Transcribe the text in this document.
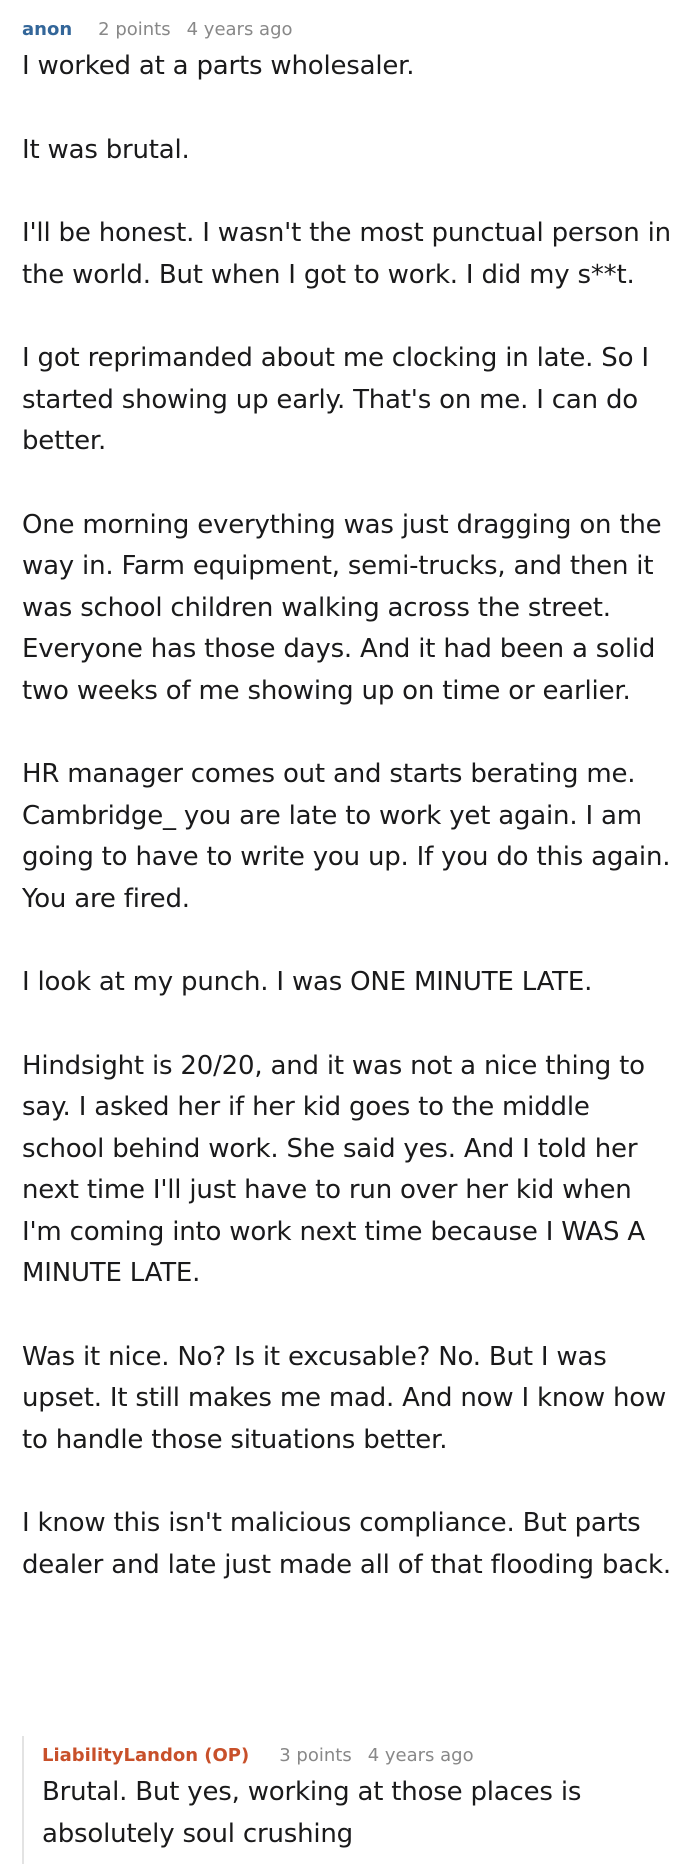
anon 2 points 4 years ago

I worked at a parts wholesaler.

It was brutal.

I'll be honest. I wasn't the most punctual person in the world. But when I got to work. I did my s**t.

I got reprimanded about me clocking in late. So I started showing up early. That's on me. I can do better.

One morning everything was just dragging on the way in. Farm equipment, semi-trucks, and then it was school children walking across the street. Everyone has those days. And it had been a solid two weeks of me showing up on time or earlier.

HR manager comes out and starts berating me. Cambridge_ you are late to work yet again. I am going to have to write you up. If you do this again. You are fired.

I look at my punch. I was ONE MINUTE LATE.

Hindsight is 20/20, and it was not a nice thing to say. I asked her if her kid goes to the middle school behind work. She said yes. And I told her next time I'll just have to run over her kid when I'm coming into work next time because I WAS A MINUTE LATE.

Was it nice. No? Is it excusable? No. But I was upset. It still makes me mad. And now I know how to handle those situations better.

I know this isn't malicious compliance. But parts dealer and late just made all of that flooding back.

LiabilityLandon (OP) 3 points 4 years ago

Brutal. But yes, working at those places is absolutely soul crushing
